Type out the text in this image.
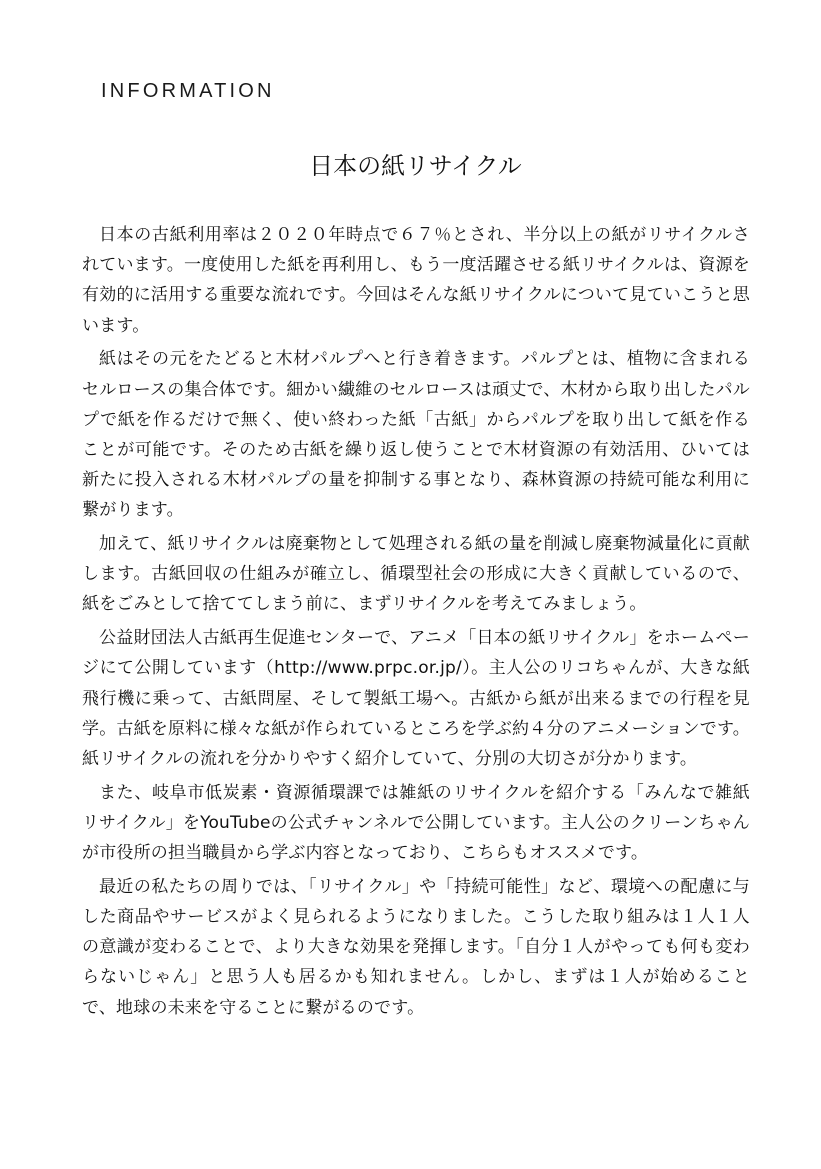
INFORMATION
日本の紙リサイクル

日本の古紙利用率は２０２０年時点で６７％とされ、半分以上の紙がリサイクルされています。一度使用した紙を再利用し、もう一度活躍させる紙リサイクルは、資源を有効的に活用する重要な流れです。今回はそんな紙リサイクルについて見ていこうと思います。

紙はその元をたどると木材パルプへと行き着きます。パルプとは、植物に含まれるセルロースの集合体です。細かい繊維のセルロースは頑丈で、木材から取り出したパルプで紙を作るだけで無く、使い終わった紙「古紙」からパルプを取り出して紙を作ることが可能です。そのため古紙を繰り返し使うことで木材資源の有効活用、ひいては新たに投入される木材パルプの量を抑制する事となり、森林資源の持続可能な利用に繋がります。

加えて、紙リサイクルは廃棄物として処理される紙の量を削減し廃棄物減量化に貢献します。古紙回収の仕組みが確立し、循環型社会の形成に大きく貢献しているので、紙をごみとして捨ててしまう前に、まずリサイクルを考えてみましょう。

公益財団法人古紙再生促進センターで、アニメ「日本の紙リサイクル」をホームページにて公開しています（http://www.prpc.or.jp/）。主人公のリコちゃんが、大きな紙飛行機に乗って、古紙問屋、そして製紙工場へ。古紙から紙が出来るまでの行程を見学。古紙を原料に様々な紙が作られているところを学ぶ約４分のアニメーションです。紙リサイクルの流れを分かりやすく紹介していて、分別の大切さが分かります。

また、岐阜市低炭素・資源循環課では雑紙のリサイクルを紹介する「みんなで雑紙リサイクル」をYouTubeの公式チャンネルで公開しています。主人公のクリーンちゃんが市役所の担当職員から学ぶ内容となっており、こちらもオススメです。

最近の私たちの周りでは、「リサイクル」や「持続可能性」など、環境への配慮に与した商品やサービスがよく見られるようになりました。こうした取り組みは１人１人の意識が変わることで、より大きな効果を発揮します。「自分１人がやっても何も変わらないじゃん」と思う人も居るかも知れません。しかし、まずは１人が始めることで、地球の未来を守ることに繋がるのです。
